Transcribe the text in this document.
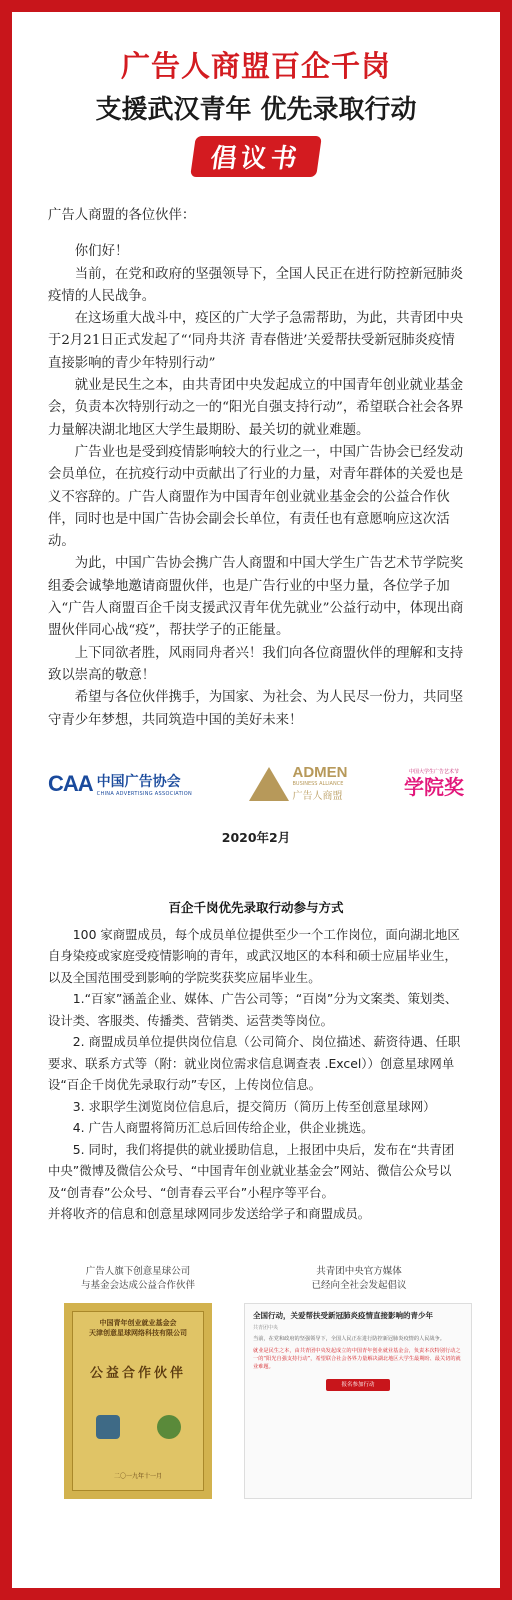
广告人商盟百企千岗
支援武汉青年 优先录取行动
倡议书

广告人商盟的各位伙伴：

你们好！

当前，在党和政府的坚强领导下，全国人民正在进行防控新冠肺炎疫情的人民战争。

在这场重大战斗中，疫区的广大学子急需帮助，为此，共青团中央于2月21日正式发起了“‘同舟共济 青春偕进’关爱帮扶受新冠肺炎疫情直接影响的青少年特别行动”

就业是民生之本，由共青团中央发起成立的中国青年创业就业基金会，负责本次特别行动之一的“阳光自强支持行动”，希望联合社会各界力量解决湖北地区大学生最期盼、最关切的就业难题。

广告业也是受到疫情影响较大的行业之一，中国广告协会已经发动会员单位，在抗疫行动中贡献出了行业的力量，对青年群体的关爱也是义不容辞的。广告人商盟作为中国青年创业就业基金会的公益合作伙伴，同时也是中国广告协会副会长单位，有责任也有意愿响应这次活动。

为此，中国广告协会携广告人商盟和中国大学生广告艺术节学院奖组委会诚挚地邀请商盟伙伴，也是广告行业的中坚力量，各位学子加入“广告人商盟百企千岗支援武汉青年优先就业”公益行动中，体现出商盟伙伴同心战“疫”，帮扶学子的正能量。

上下同欲者胜，风雨同舟者兴！我们向各位商盟伙伴的理解和支持致以崇高的敬意！

希望与各位伙伴携手，为国家、为社会、为人民尽一份力，共同坚守青少年梦想，共同筑造中国的美好未来！

CAA 中国广告协会
CHINA ADVERTISING ASSOCIATION
ADMEN
BUSINESS ALLIANCE
广告人商盟
中国大学生广告艺术节
学院奖
2020年2月
百企千岗优先录取行动参与方式

100 家商盟成员，每个成员单位提供至少一个工作岗位，面向湖北地区自身染疫或家庭受疫情影响的青年，或武汉地区的本科和硕士应届毕业生，以及全国范围受到影响的学院奖获奖应届毕业生。

1.“百家”涵盖企业、媒体、广告公司等；“百岗”分为文案类、策划类、设计类、客服类、传播类、营销类、运营类等岗位。

2. 商盟成员单位提供岗位信息（公司简介、岗位描述、薪资待遇、任职要求、联系方式等（附：就业岗位需求信息调查表 .Excel））创意星球网单设“百企千岗优先录取行动”专区，上传岗位信息。

3. 求职学生浏览岗位信息后，提交简历（简历上传至创意星球网）

4. 广告人商盟将简历汇总后回传给企业，供企业挑选。

5. 同时，我们将提供的就业援助信息，上报团中央后，发布在“共青团中央”微博及微信公众号、“中国青年创业就业基金会”网站、微信公众号以及“创青春”公众号、“创青春云平台”小程序等平台。

并将收齐的信息和创意星球网同步发送给学子和商盟成员。

广告人旗下创意星球公司
与基金会达成公益合作伙伴
中国青年创业就业基金会
天津创意星球网络科技有限公司
公益合作伙伴
二〇一九年十一月
共青团中央官方媒体
已经向全社会发起倡议
全国行动，关爱帮扶受新冠肺炎疫情直接影响的青少年
共青团中央
当前，在党和政府的坚强领导下，全国人民正在进行防控新冠肺炎疫情的人民战争。
就业是民生之本，由共青团中央发起成立的中国青年创业就业基金会，负责本次特别行动之一的“阳光自强支持行动”，希望联合社会各界力量解决湖北地区大学生最期盼、最关切的就业难题。
报名参加行动
